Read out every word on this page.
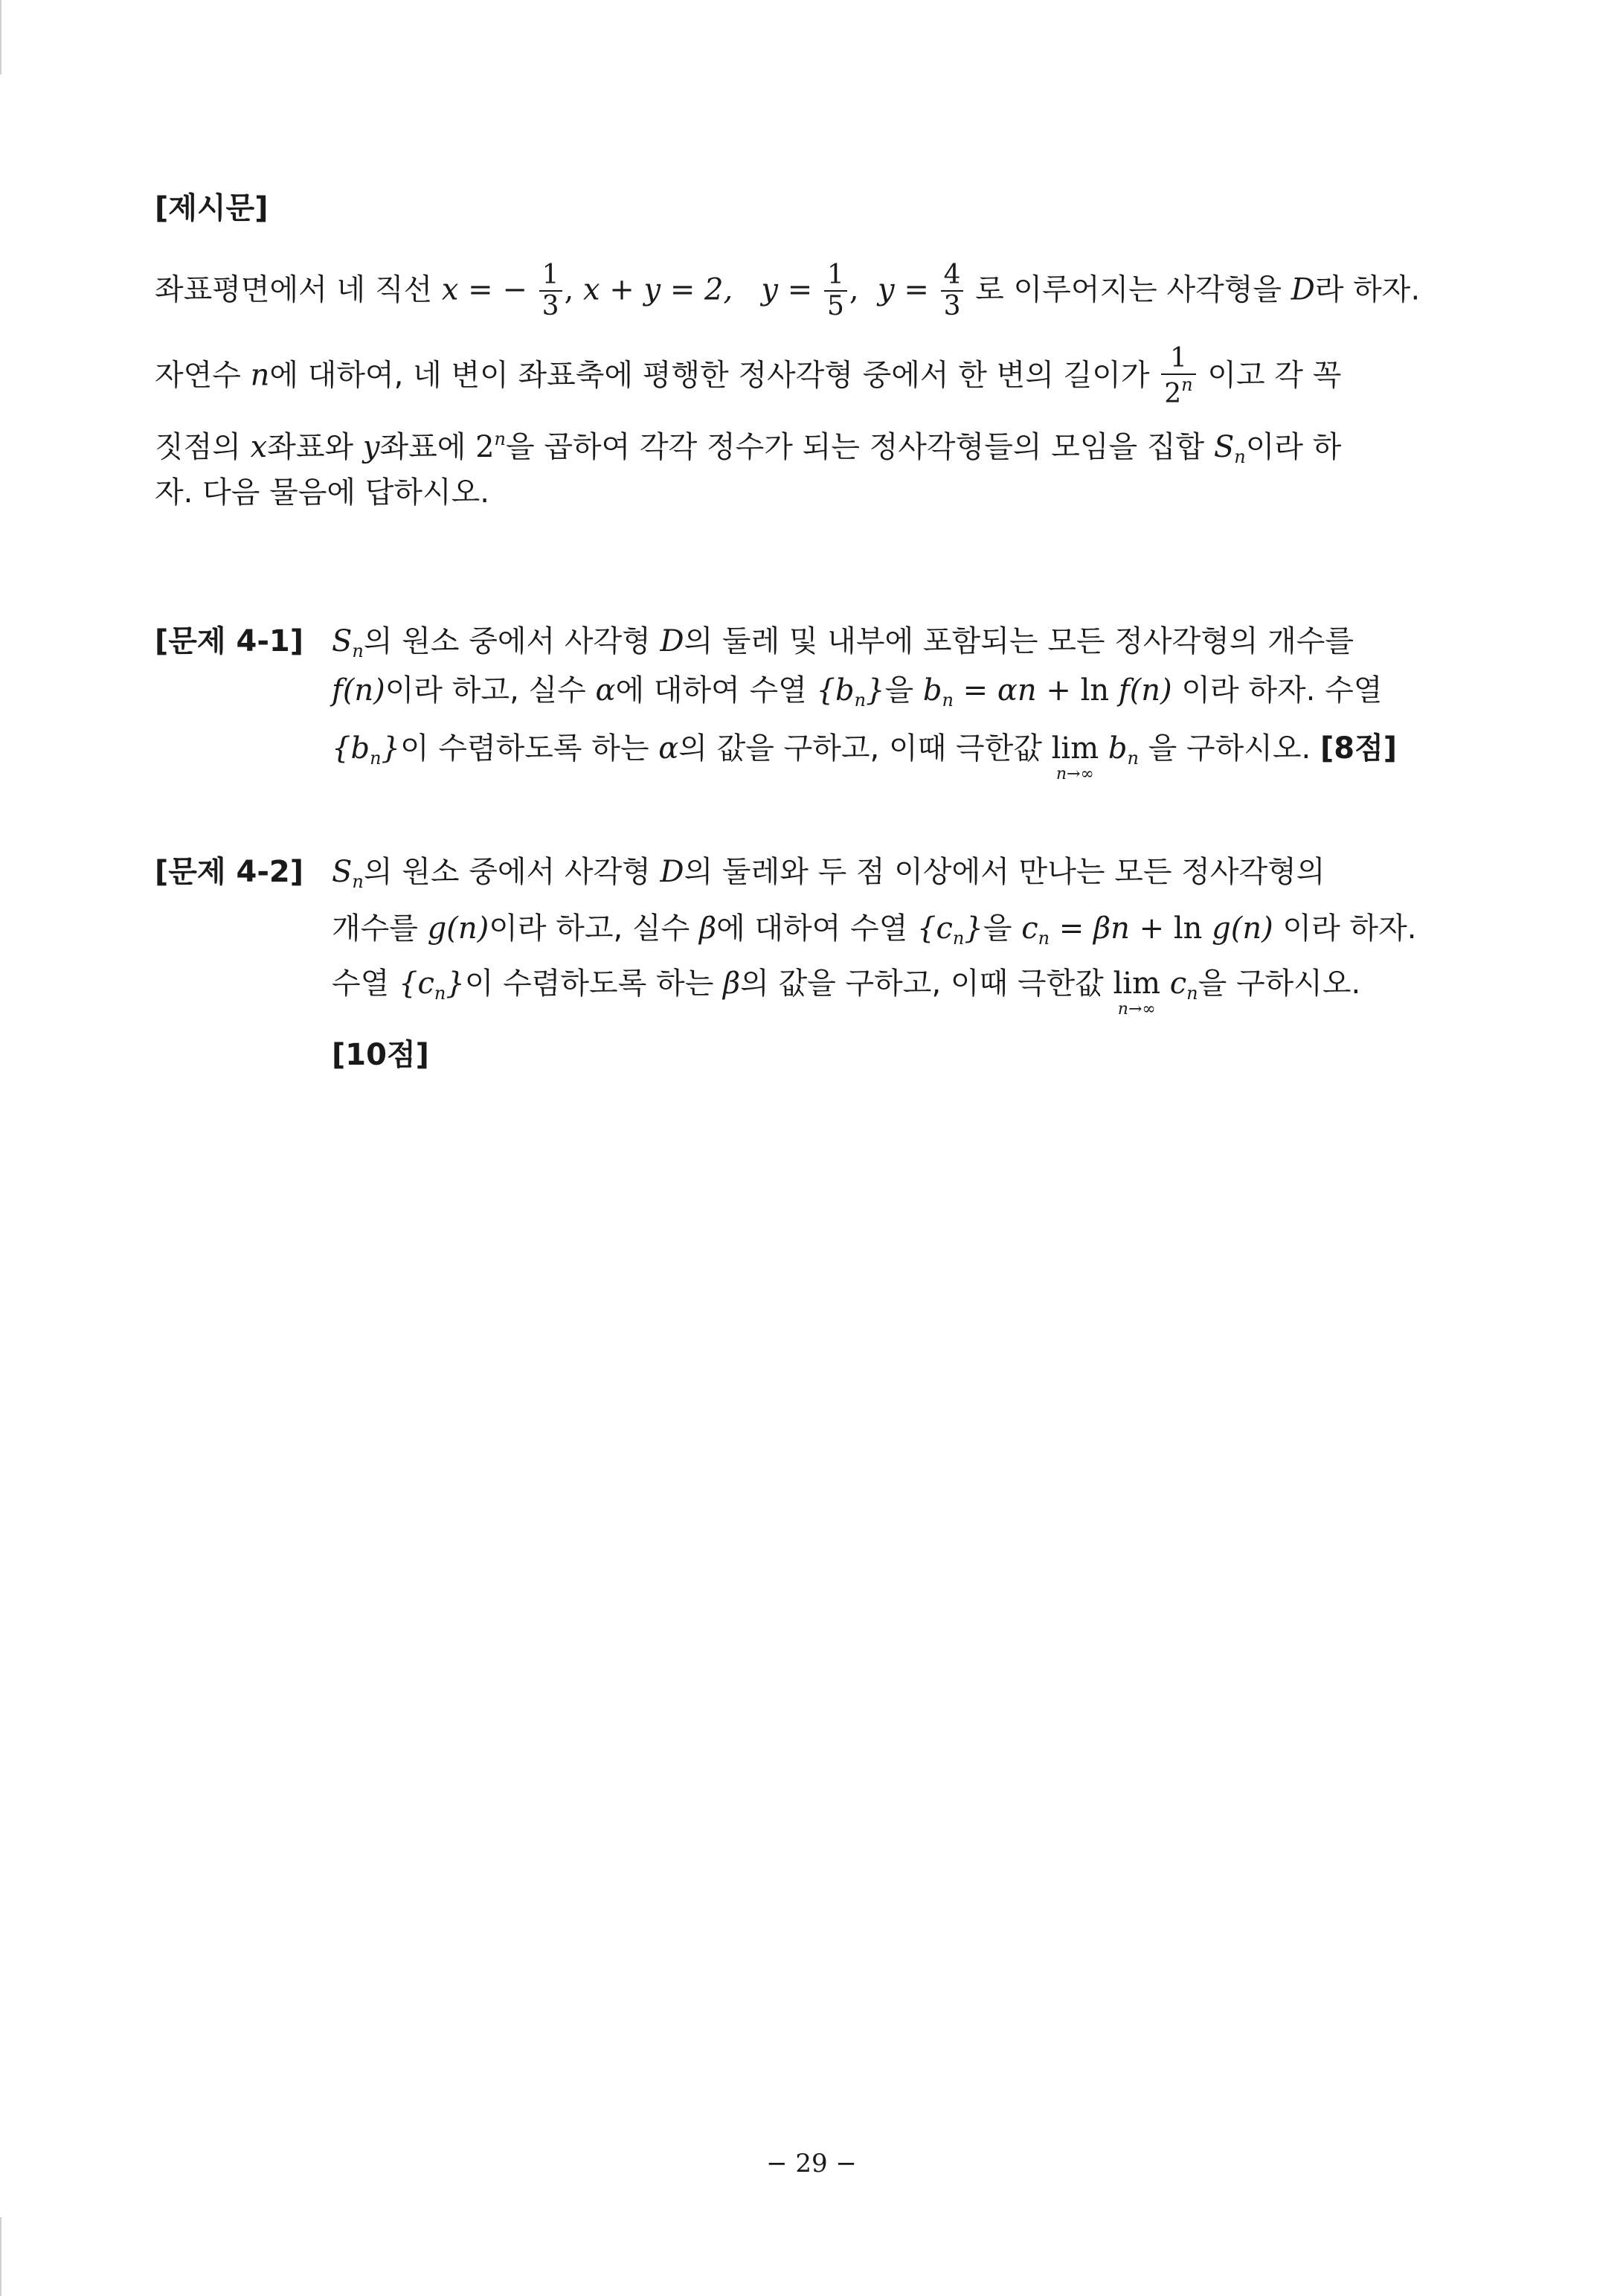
[제시문]
좌표평면에서 네 직선 x = − $\frac{1}{3}$ , x + y = 2, $y = \frac{1}{5}$ ,  $y = \frac{4}{3}$ 로 이루어지는 사각형을 D라 하자.
자연수 n에 대하여, 네 변이 좌표축에 평행한 정사각형 중에서 한 변의 길이가 $\frac{1}{2^n}$ 이고 각 꼭
짓점의 x좌표와 y좌표에 2$^n$을 곱하여 각각 정수가 되는 정사각형들의 모임을 집합 $S_n$이라 하
자. 다음 물음에 답하시오.
[문제 4-1] $S_n$의 원소 중에서 사각형 D의 둘레 및 내부에 포함되는 모든 정사각형의 개수를
f(n)이라 하고, 실수 α에 대하여 수열 $\{b_n\}$을 $b_n = \alpha n + \ln f(n)$ 이라 하자. 수열
$\{b_n\}$이 수렴하도록 하는 α의 값을 구하고, 이때 극한값 lim
n→∞
$b_n$ 을 구하시오. [8점]
[문제 4-2] $S_n$의 원소 중에서 사각형 D의 둘레와 두 점 이상에서 만나는 모든 정사각형의
개수를 g(n)이라 하고, 실수 β에 대하여 수열 $\{c_n\}$을 $c_n = \beta n + \ln g(n)$ 이라 하자.
수열 $\{c_n\}$이 수렴하도록 하는 β의 값을 구하고, 이때 극한값 lim
n→∞
$c_n$을 구하시오.
[10점]
− 29 −
